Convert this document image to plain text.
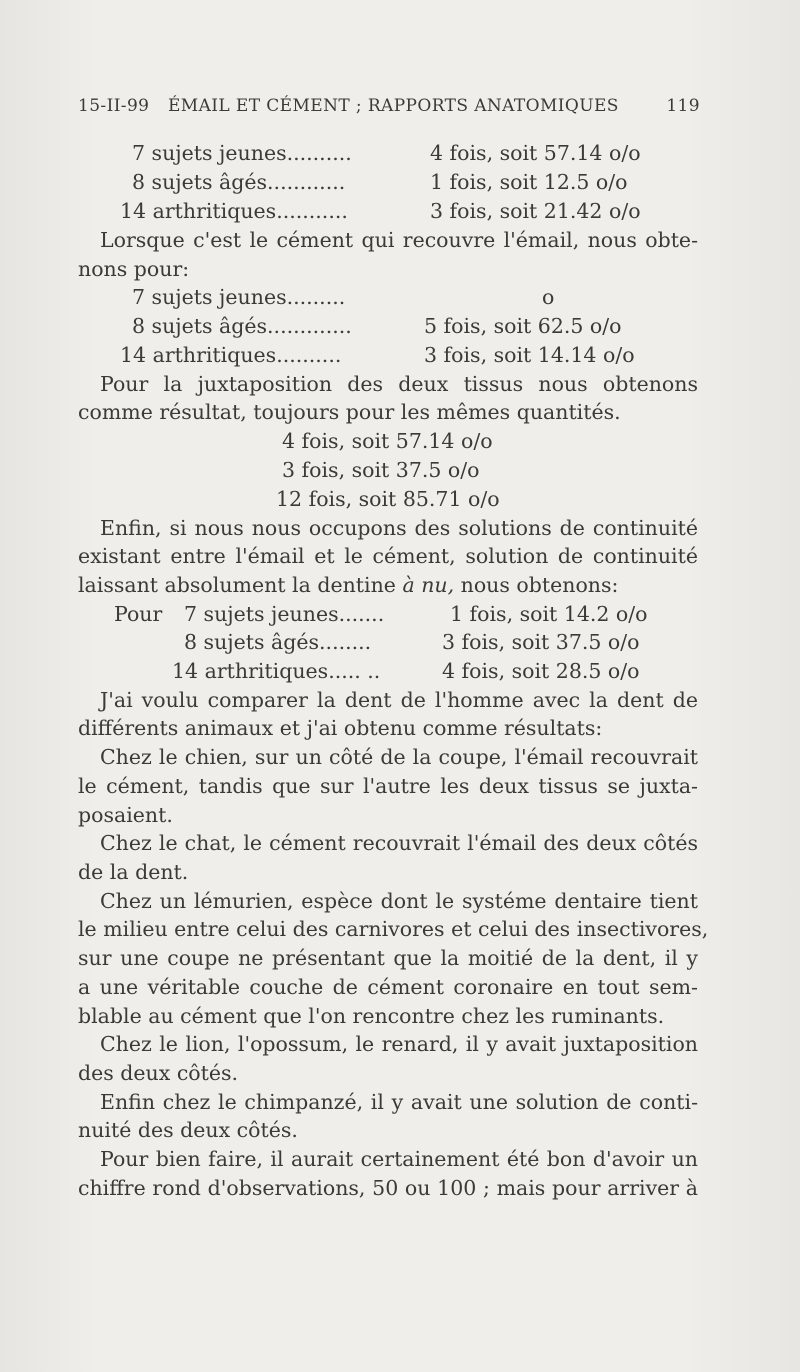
15-II-99 ÉMAIL ET CÉMENT ; RAPPORTS ANATOMIQUES	119
7 sujets jeunes..........	4 fois, soit 57.14 o/o
8 sujets âgés............	1 fois, soit 12.5 o/o
14 arthritiques...........	3 fois, soit 21.42 o/o
Lorsque c'est le cément qui recouvre l'émail, nous obte-
nons pour:
7 sujets jeunes.........	o
8 sujets âgés.............	5 fois, soit 62.5 o/o
14 arthritiques..........	3 fois, soit 14.14 o/o
Pour la juxtaposition des deux tissus nous obtenons
comme résultat, toujours pour les mêmes quantités.
4 fois, soit 57.14 o/o
3 fois, soit 37.5 o/o
12 fois, soit 85.71 o/o
Enfin, si nous nous occupons des solutions de continuité
existant entre l'émail et le cément, solution de continuité
laissant absolument la dentine à nu, nous obtenons:
Pour 7 sujets jeunes.......	1 fois, soit 14.2 o/o
8 sujets âgés........	3 fois, soit 37.5 o/o
14 arthritiques..... ..	4 fois, soit 28.5 o/o
J'ai voulu comparer la dent de l'homme avec la dent de
différents animaux et j'ai obtenu comme résultats:
Chez le chien, sur un côté de la coupe, l'émail recouvrait
le cément, tandis que sur l'autre les deux tissus se juxta-
posaient.
Chez le chat, le cément recouvrait l'émail des deux côtés
de la dent.
Chez un lémurien, espèce dont le systéme dentaire tient
le milieu entre celui des carnivores et celui des insectivores,
sur une coupe ne présentant que la moitié de la dent, il y
a une véritable couche de cément coronaire en tout sem-
blable au cément que l'on rencontre chez les ruminants.
Chez le lion, l'opossum, le renard, il y avait juxtaposition
des deux côtés.
Enfin chez le chimpanzé, il y avait une solution de conti-
nuité des deux côtés.
Pour bien faire, il aurait certainement été bon d'avoir un
chiffre rond d'observations, 50 ou 100 ; mais pour arriver à
